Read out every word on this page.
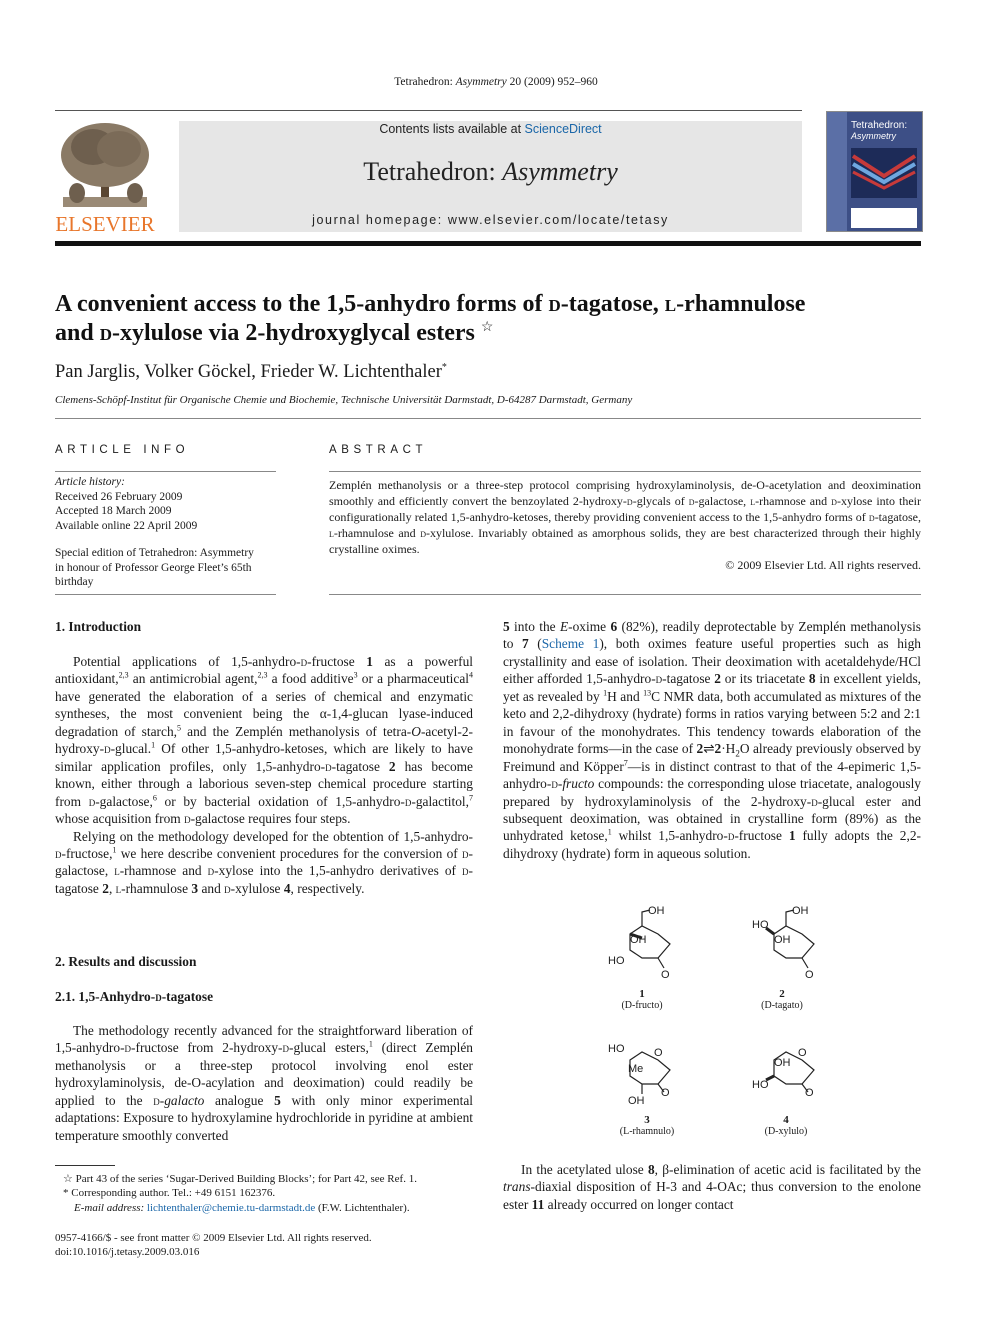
Tetrahedron: Asymmetry 20 (2009) 952–960
ELSEVIER
Contents lists available at ScienceDirect
Tetrahedron: Asymmetry
journal homepage: www.elsevier.com/locate/tetasy
Tetrahedron:
Asymmetry
A convenient access to the 1,5-anhydro forms of d-tagatose, l-rhamnulose
and d-xylulose via 2-hydroxyglycal esters ☆
Pan Jarglis, Volker Göckel, Frieder W. Lichtenthaler*
Clemens-Schöpf-Institut für Organische Chemie und Biochemie, Technische Universität Darmstadt, D-64287 Darmstadt, Germany
ARTICLE INFO
Article history:
Received 26 February 2009
Accepted 18 March 2009
Available online 22 April 2009
Special edition of Tetrahedron: Asymmetry
in honour of Professor George Fleet’s 65th
birthday
ABSTRACT

Zemplén methanolysis or a three-step protocol comprising hydroxylaminolysis, de-O-acetylation and deoximination smoothly and efficiently convert the benzoylated 2-hydroxy-d-glycals of d-galactose, l-rhamnose and d-xylose into their configurationally related 1,5-anhydro-ketoses, thereby providing convenient access to the 1,5-anhydro forms of d-tagatose, l-rhamnulose and d-xylulose. Invariably obtained as amorphous solids, they are best characterized through their highly crystalline oximes.

© 2009 Elsevier Ltd. All rights reserved.

1. Introduction

Potential applications of 1,5-anhydro-d-fructose 1 as a powerful antioxidant,$^{2,3}$ an antimicrobial agent,$^{2,3}$ a food additive$^3$ or a pharmaceutical$^4$ have generated the elaboration of a series of chemical and enzymatic syntheses, the most convenient being the α-1,4-glucan lyase-induced degradation of starch,$^5$ and the Zemplén methanolysis of tetra-O-acetyl-2-hydroxy-d-glucal.$^1$ Of other 1,5-anhydro-ketoses, which are likely to have similar application profiles, only 1,5-anhydro-d-tagatose 2 has become known, either through a laborious seven-step chemical procedure starting from d-galactose,$^6$ or by bacterial oxidation of 1,5-anhydro-d-galactitol,$^7$ whose acquisition from d-galactose requires four steps.

Relying on the methodology developed for the obtention of 1,5-anhydro-d-fructose,$^1$ we here describe convenient procedures for the conversion of d-galactose, l-rhamnose and d-xylose into the 1,5-anhydro derivatives of d-tagatose 2, l-rhamnulose 3 and d-xylulose 4, respectively.

2. Results and discussion
2.1. 1,5-Anhydro-d-tagatose

The methodology recently advanced for the straightforward liberation of 1,5-anhydro-d-fructose from 2-hydroxy-d-glucal esters,$^1$ (direct Zemplén methanolysis or a three-step protocol involving enol ester hydroxylaminolysis, de-O-acylation and deoximation) could readily be applied to the d-galacto analogue 5 with only minor experimental adaptations: Exposure to hydroxylamine hydrochloride in pyridine at ambient temperature smoothly converted

☆ Part 43 of the series ‘Sugar-Derived Building Blocks’; for Part 42, see Ref. 1.
* Corresponding author. Tel.: +49 6151 162376.
E-mail address: lichtenthaler@chemie.tu-darmstadt.de (F.W. Lichtenthaler).
0957-4166/$ - see front matter © 2009 Elsevier Ltd. All rights reserved.
doi:10.1016/j.tetasy.2009.03.016

5 into the E-oxime 6 (82%), readily deprotectable by Zemplén methanolysis to 7 (Scheme 1), both oximes feature useful properties such as high crystallinity and ease of isolation. Their deoximation with acetaldehyde/HCl either afforded 1,5-anhydro-d-tagatose 2 or its triacetate 8 in excellent yields, yet as revealed by $^1$H and $^{13}$C NMR data, both accumulated as mixtures of the keto and 2,2-dihydroxy (hydrate) forms in ratios varying between 5:2 and 2:1 in favour of the monohydrates. This tendency towards elaboration of the monohydrate forms—in the case of $2\rightleftharpoons 2\cdot H_2O$ already previously observed by Freimund and Köpper$^7$—is in distinct contrast to that of the 4-epimeric 1,5-anhydro-d-fructo compounds: the corresponding ulose triacetate, analogously prepared by hydroxylaminolysis of the 2-hydroxy-d-glucal ester and subsequent deoximation, was obtained in crystalline form (89%) as the unhydrated ketose,$^1$ whilst 1,5-anhydro-d-fructose 1 fully adopts the 2,2-dihydroxy (hydrate) form in aqueous solution.

OH
OH
HO
O
1
(D-fructo)
OH
OH
HO
O
2
(D-tagato)
HO	O
Me
OH
O
3
(L-rhamnulo)
O
OH
HO
O
4
(D-xylulo)

In the acetylated ulose 8, β-elimination of acetic acid is facilitated by the trans-diaxial disposition of H-3 and 4-OAc; thus conversion to the enolone ester 11 already occurred on longer contact
